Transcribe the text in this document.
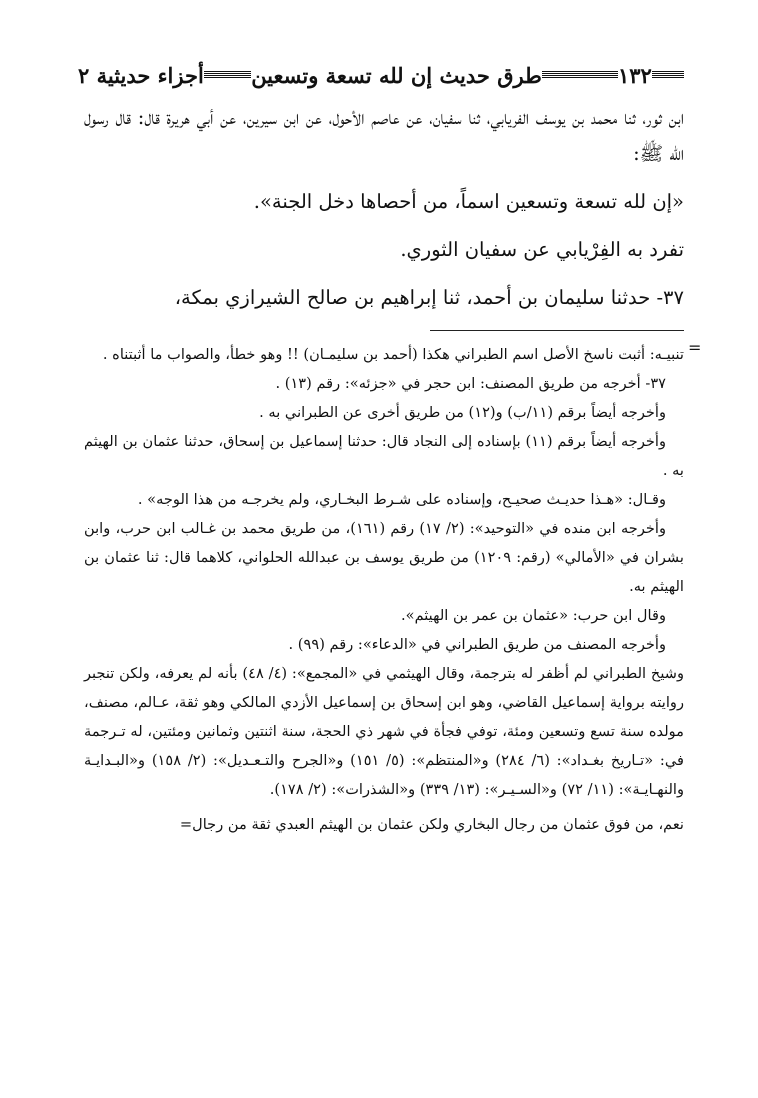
١٣٢
طرق حديث إن لله تسعة وتسعين
أجزاء حديثية ٢

ابن ثور، ثنا محمد بن يوسف الفريابي، ثنا سفيان، عن عاصم الأحول، عن ابن سيرين، عن أبي هريرة قال: قال رسول الله ﷺ:

«إن لله تسعة وتسعين اسماً، من أحصاها دخل الجنة».

تفرد به الفِرْيابي عن سفيان الثوري.

٣٧- حدثنا سليمان بن أحمد، ثنا إبراهيم بن صالح الشيرازي بمكة،

=

تنبيـه: أثبت ناسخ الأصل اسم الطبراني هكذا (أحمد بن سليمـان) !! وهو خطأ، والصواب ما أثبتناه .

٣٧- أخرجه من طريق المصنف: ابن حجر في «جزئه»: رقم (١٣) .

وأخرجه أيضاً برقم (١١/ب) و(١٢) من طريق أخرى عن الطبراني به .

وأخرجه أيضاً برقم (١١) بإسناده إلى النجاد قال: حدثنا إسماعيل بن إسحاق، حدثنا عثمان بن الهيثم به .

وقـال: «هـذا حديـث صحيـح، وإسناده على شـرط البخـاري، ولم يخرجـه من هذا الوجه» .

وأخرجه ابن منده في «التوحيد»: (٢/ ١٧) رقم (١٦١)، من طريق محمد بن غـالب ابن حرب، وابن بشران في «الأمالي» (رقم: ١٢٠٩) من طريق يوسف بن عبدالله الحلواني، كلاهما قال: ثنا عثمان بن الهيثم به.

وقال ابن حرب: «عثمان بن عمر بن الهيثم».

وأخرجه المصنف من طريق الطبراني في «الدعاء»: رقم (٩٩) .

وشيخ الطبراني لم أظفر له بترجمة، وقال الهيثمي في «المجمع»: (٤/ ٤٨) بأنه لم يعرفه، ولكن تنجبر روايته برواية إسماعيل القاضي، وهو ابن إسحاق بن إسماعيل الأزدي المالكي وهو ثقة، عـالم، مصنف، مولده سنة تسع وتسعين ومئة، توفي فجأة في شهر ذي الحجة، سنة اثنتين وثمانين ومئتين، له تـرجمة في: «تـاريخ بغـداد»: (٦/ ٢٨٤) و«المنتظم»: (٥/ ١٥١) و«الجرح والتـعـديل»: (٢/ ١٥٨) و«البـدايـة والنهـايـة»: (١١/ ٧٢) و«السـيـر»: (١٣/ ٣٣٩) و«الشذرات»: (٢/ ١٧٨).

نعم، من فوق عثمان من رجال البخاري ولكن عثمان بن الهيثم العبدي ثقة من رجال=
